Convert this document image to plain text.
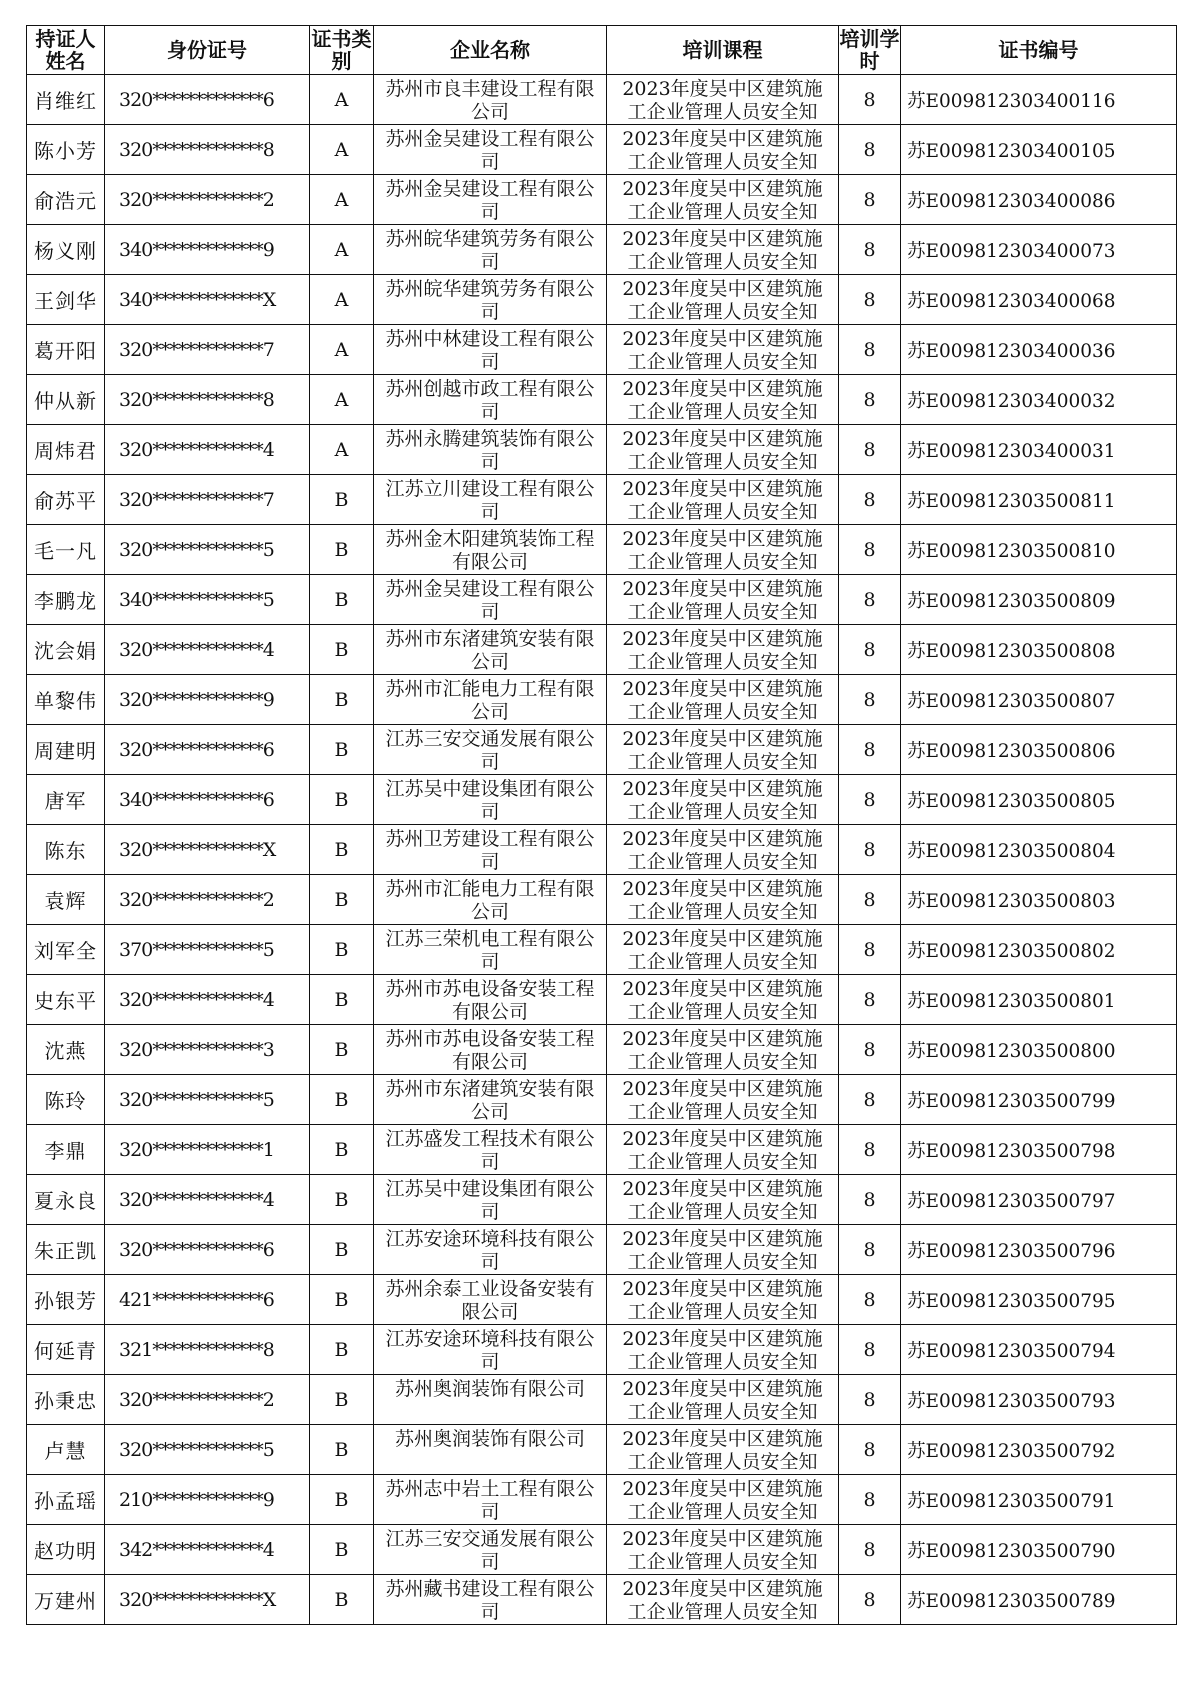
持证人姓名	身份证号	证书类别	企业名称	培训课程	培训学时	证书编号
肖维红	320*************6	A	苏州市良丰建设工程有限公司	2023年度吴中区建筑施工企业管理人员安全知	8	苏E009812303400116
陈小芳	320*************8	A	苏州金吴建设工程有限公司	2023年度吴中区建筑施工企业管理人员安全知	8	苏E009812303400105
俞浩元	320*************2	A	苏州金吴建设工程有限公司	2023年度吴中区建筑施工企业管理人员安全知	8	苏E009812303400086
杨义刚	340*************9	A	苏州皖华建筑劳务有限公司	2023年度吴中区建筑施工企业管理人员安全知	8	苏E009812303400073
王剑华	340*************X	A	苏州皖华建筑劳务有限公司	2023年度吴中区建筑施工企业管理人员安全知	8	苏E009812303400068
葛开阳	320*************7	A	苏州中林建设工程有限公司	2023年度吴中区建筑施工企业管理人员安全知	8	苏E009812303400036
仲从新	320*************8	A	苏州创越市政工程有限公司	2023年度吴中区建筑施工企业管理人员安全知	8	苏E009812303400032
周炜君	320*************4	A	苏州永腾建筑装饰有限公司	2023年度吴中区建筑施工企业管理人员安全知	8	苏E009812303400031
俞苏平	320*************7	B	江苏立川建设工程有限公司	2023年度吴中区建筑施工企业管理人员安全知	8	苏E009812303500811
毛一凡	320*************5	B	苏州金木阳建筑装饰工程有限公司	2023年度吴中区建筑施工企业管理人员安全知	8	苏E009812303500810
李鹏龙	340*************5	B	苏州金吴建设工程有限公司	2023年度吴中区建筑施工企业管理人员安全知	8	苏E009812303500809
沈会娟	320*************4	B	苏州市东渚建筑安装有限公司	2023年度吴中区建筑施工企业管理人员安全知	8	苏E009812303500808
单黎伟	320*************9	B	苏州市汇能电力工程有限公司	2023年度吴中区建筑施工企业管理人员安全知	8	苏E009812303500807
周建明	320*************6	B	江苏三安交通发展有限公司	2023年度吴中区建筑施工企业管理人员安全知	8	苏E009812303500806
唐军	340*************6	B	江苏吴中建设集团有限公司	2023年度吴中区建筑施工企业管理人员安全知	8	苏E009812303500805
陈东	320*************X	B	苏州卫芳建设工程有限公司	2023年度吴中区建筑施工企业管理人员安全知	8	苏E009812303500804
袁辉	320*************2	B	苏州市汇能电力工程有限公司	2023年度吴中区建筑施工企业管理人员安全知	8	苏E009812303500803
刘军全	370*************5	B	江苏三荣机电工程有限公司	2023年度吴中区建筑施工企业管理人员安全知	8	苏E009812303500802
史东平	320*************4	B	苏州市苏电设备安装工程有限公司	2023年度吴中区建筑施工企业管理人员安全知	8	苏E009812303500801
沈燕	320*************3	B	苏州市苏电设备安装工程有限公司	2023年度吴中区建筑施工企业管理人员安全知	8	苏E009812303500800
陈玲	320*************5	B	苏州市东渚建筑安装有限公司	2023年度吴中区建筑施工企业管理人员安全知	8	苏E009812303500799
李鼎	320*************1	B	江苏盛发工程技术有限公司	2023年度吴中区建筑施工企业管理人员安全知	8	苏E009812303500798
夏永良	320*************4	B	江苏吴中建设集团有限公司	2023年度吴中区建筑施工企业管理人员安全知	8	苏E009812303500797
朱正凯	320*************6	B	江苏安途环境科技有限公司	2023年度吴中区建筑施工企业管理人员安全知	8	苏E009812303500796
孙银芳	421*************6	B	苏州余泰工业设备安装有限公司	2023年度吴中区建筑施工企业管理人员安全知	8	苏E009812303500795
何延青	321*************8	B	江苏安途环境科技有限公司	2023年度吴中区建筑施工企业管理人员安全知	8	苏E009812303500794
孙秉忠	320*************2	B	苏州奥润装饰有限公司	2023年度吴中区建筑施工企业管理人员安全知	8	苏E009812303500793
卢慧	320*************5	B	苏州奥润装饰有限公司	2023年度吴中区建筑施工企业管理人员安全知	8	苏E009812303500792
孙孟瑶	210*************9	B	苏州志中岩土工程有限公司	2023年度吴中区建筑施工企业管理人员安全知	8	苏E009812303500791
赵功明	342*************4	B	江苏三安交通发展有限公司	2023年度吴中区建筑施工企业管理人员安全知	8	苏E009812303500790
万建州	320*************X	B	苏州藏书建设工程有限公司	2023年度吴中区建筑施工企业管理人员安全知	8	苏E009812303500789
